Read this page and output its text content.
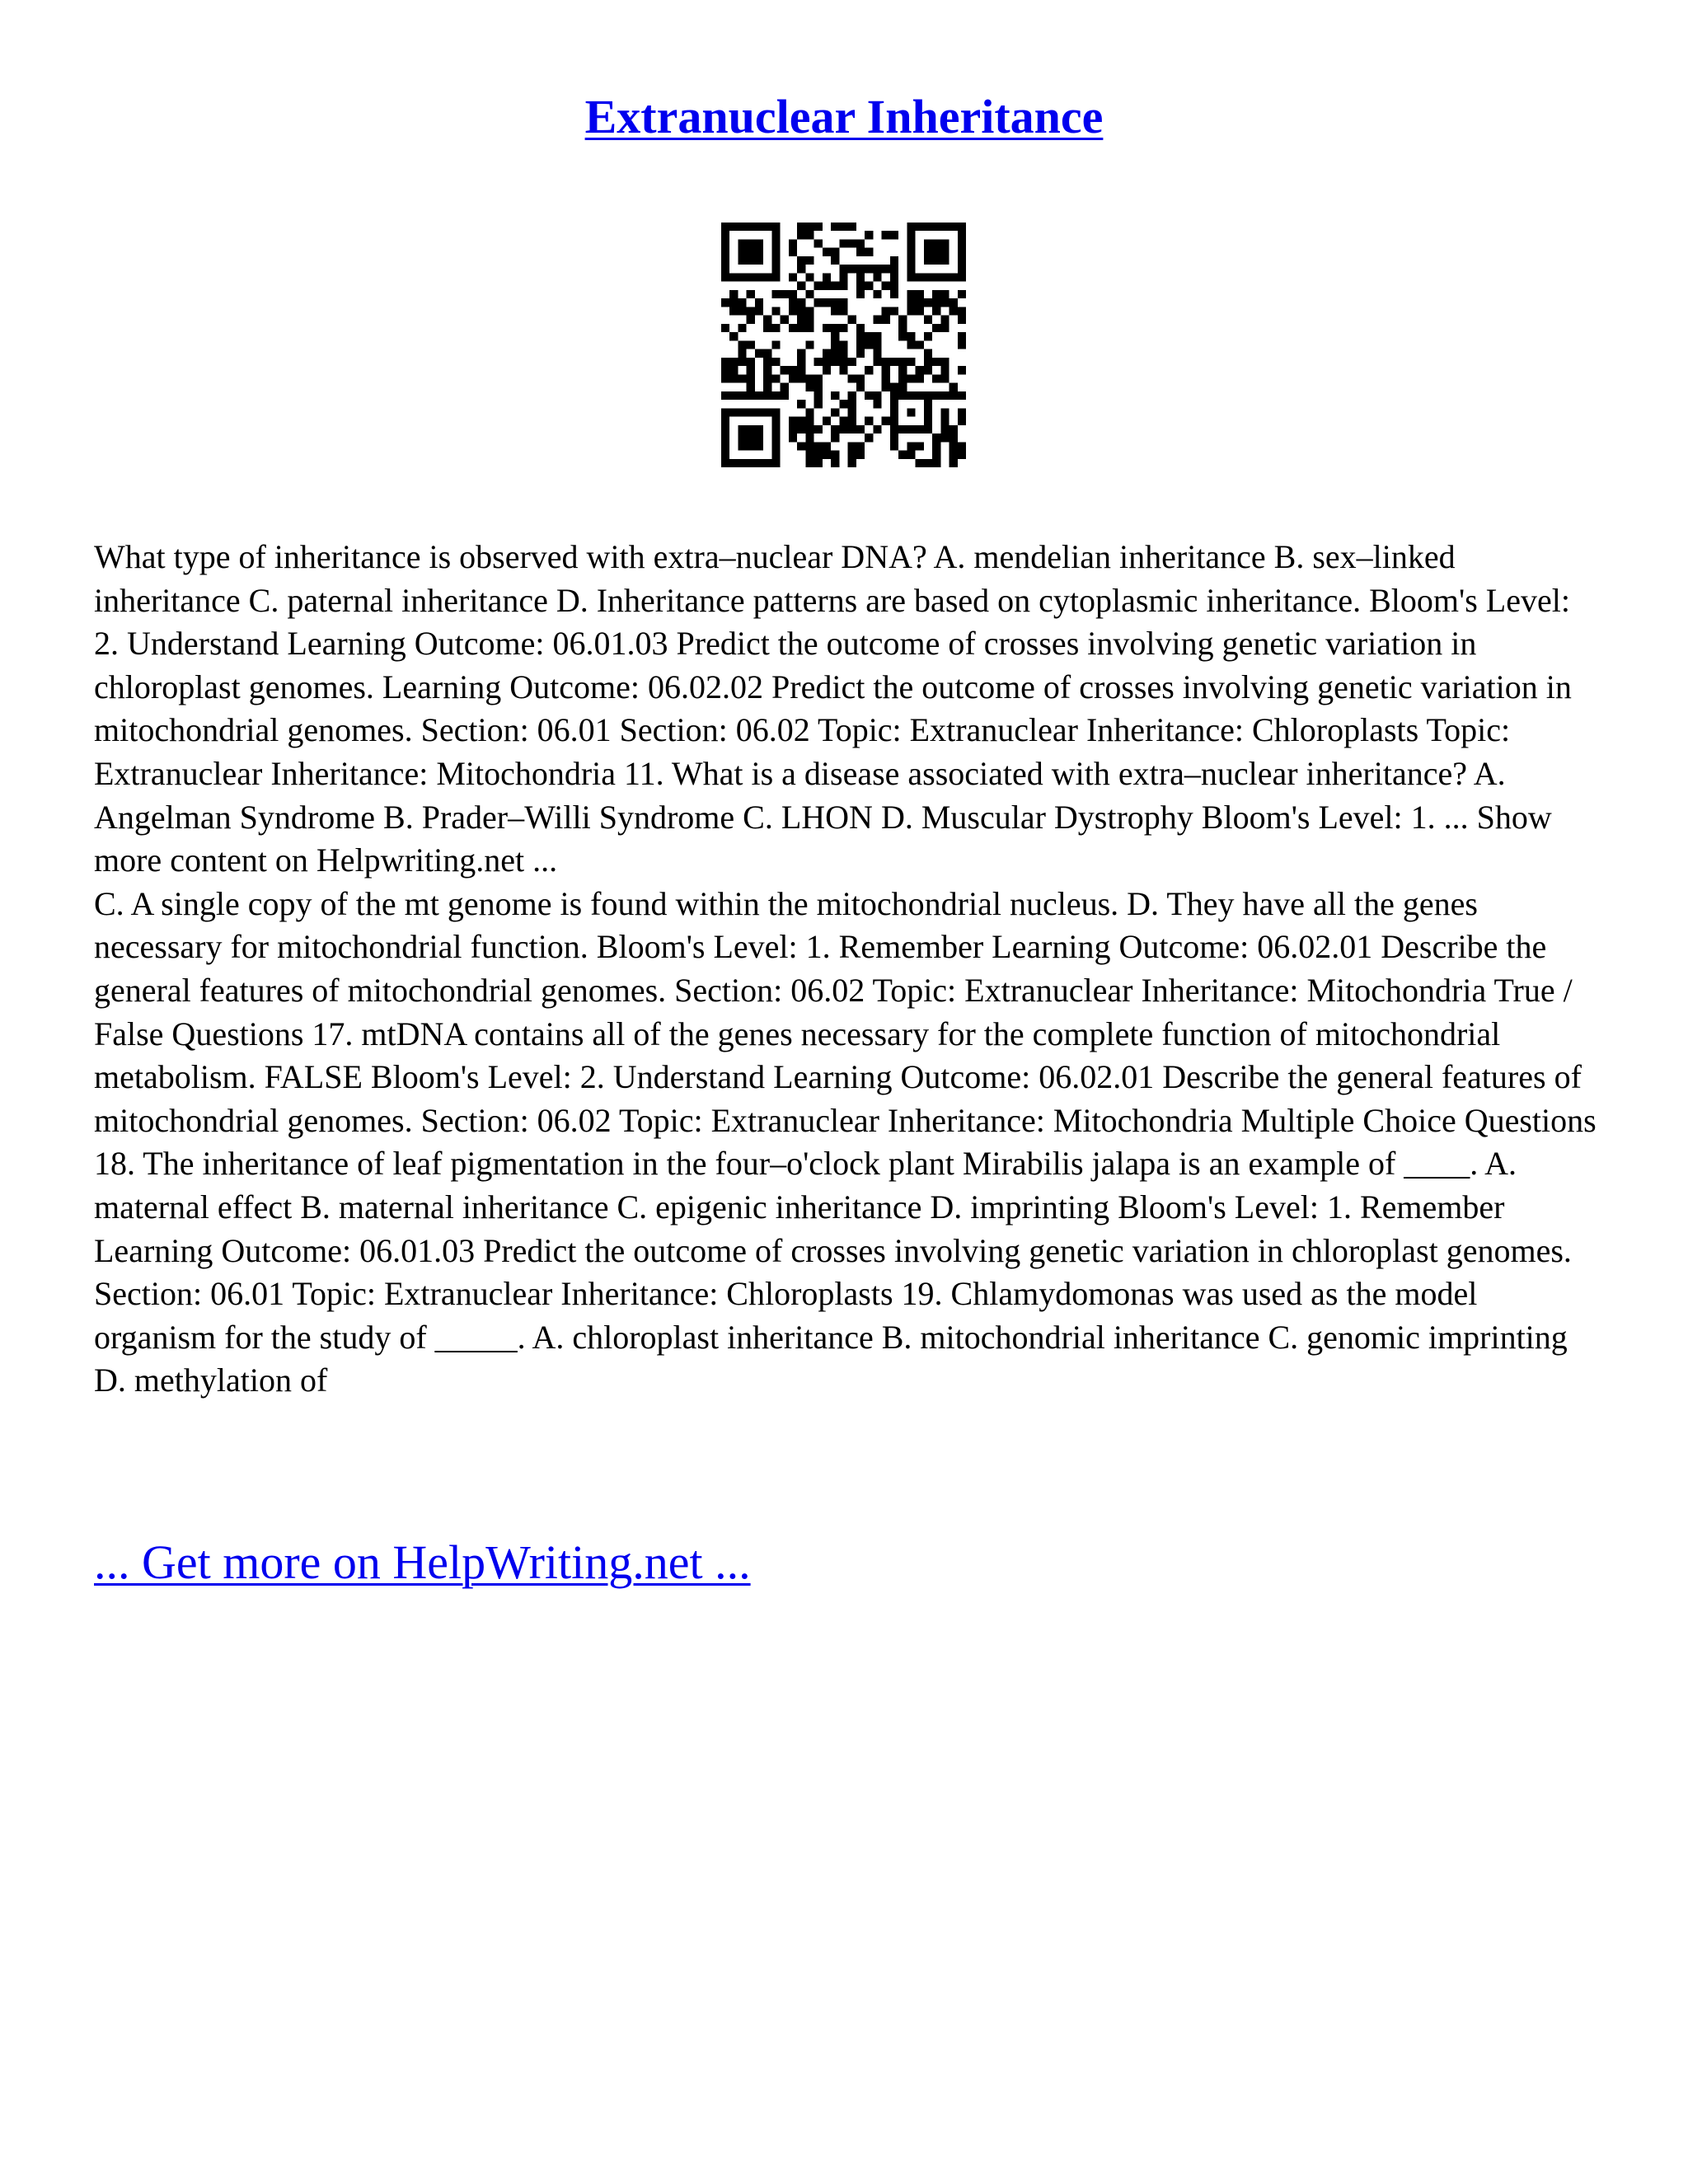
Extranuclear Inheritance

What type of inheritance is observed with extra–nuclear DNA? A. mendelian inheritance B. sex–linked inheritance C. paternal inheritance D. Inheritance patterns are based on cytoplasmic inheritance. Bloom's Level: 2. Understand Learning Outcome: 06.01.03 Predict the outcome of crosses involving genetic variation in chloroplast genomes. Learning Outcome: 06.02.02 Predict the outcome of crosses involving genetic variation in mitochondrial genomes. Section: 06.01 Section: 06.02 Topic: Extranuclear Inheritance: Chloroplasts Topic: Extranuclear Inheritance: Mitochondria 11. What is a disease associated with extra–nuclear inheritance? A. Angelman Syndrome B. Prader–Willi Syndrome C. LHON D. Muscular Dystrophy Bloom's Level: 1. ... Show more content on Helpwriting.net ...

C. A single copy of the mt genome is found within the mitochondrial nucleus. D. They have all the genes necessary for mitochondrial function. Bloom's Level: 1. Remember Learning Outcome: 06.02.01 Describe the general features of mitochondrial genomes. Section: 06.02 Topic: Extranuclear Inheritance: Mitochondria True / False Questions 17. mtDNA contains all of the genes necessary for the complete function of mitochondrial metabolism. FALSE Bloom's Level: 2. Understand Learning Outcome: 06.02.01 Describe the general features of mitochondrial genomes. Section: 06.02 Topic: Extranuclear Inheritance: Mitochondria Multiple Choice Questions 18. The inheritance of leaf pigmentation in the four–o'clock plant Mirabilis jalapa is an example of ____. A. maternal effect B. maternal inheritance C. epigenic inheritance D. imprinting Bloom's Level: 1. Remember Learning Outcome: 06.01.03 Predict the outcome of crosses involving genetic variation in chloroplast genomes. Section: 06.01 Topic: Extranuclear Inheritance: Chloroplasts 19. Chlamydomonas was used as the model organism for the study of _____. A. chloroplast inheritance B. mitochondrial inheritance C. genomic imprinting D. methylation of

... Get more on HelpWriting.net ...
